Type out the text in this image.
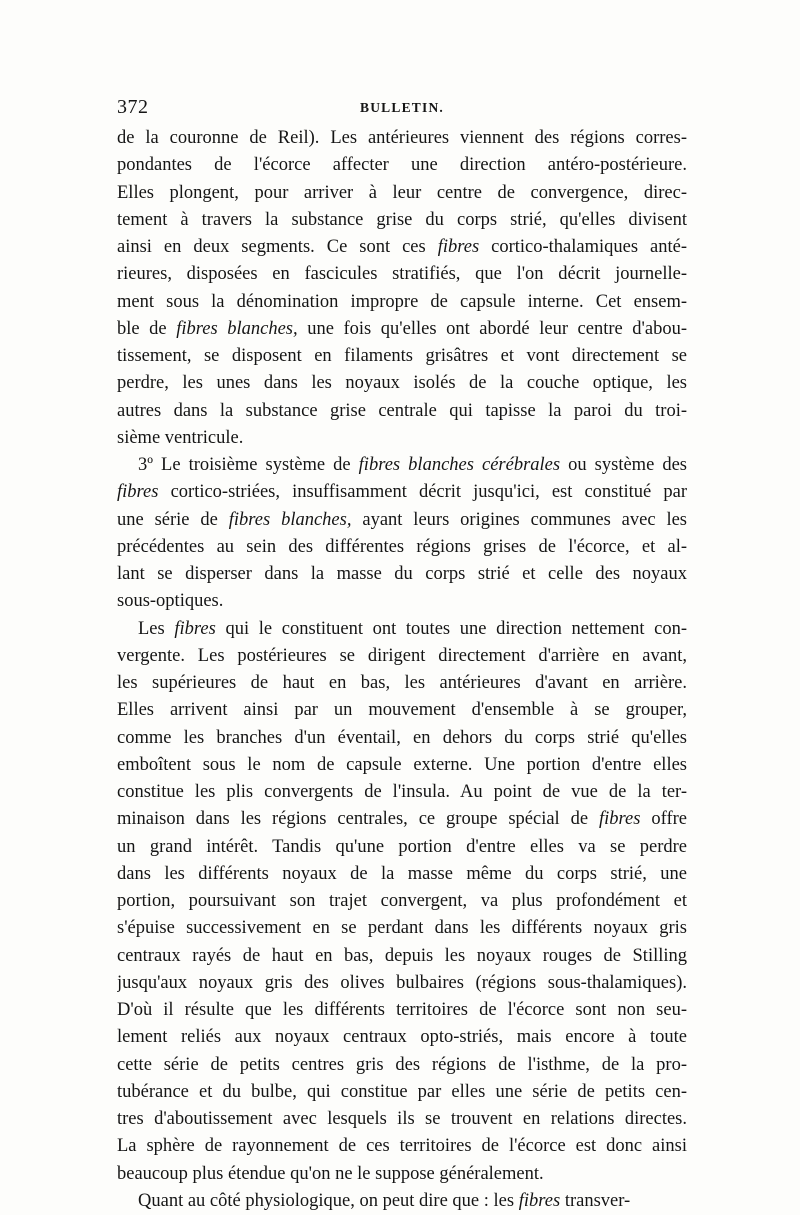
372	BULLETIN.
de la couronne de Reil). Les antérieures viennent des régions corres-
pondantes de l'écorce affecter une direction antéro-postérieure.
Elles plongent, pour arriver à leur centre de convergence, direc-
tement à travers la substance grise du corps strié, qu'elles divisent
ainsi en deux segments. Ce sont ces fibres cortico-thalamiques anté-
rieures, disposées en fascicules stratifiés, que l'on décrit journelle-
ment sous la dénomination impropre de capsule interne. Cet ensem-
ble de fibres blanches, une fois qu'elles ont abordé leur centre d'abou-
tissement, se disposent en filaments grisâtres et vont directement se
perdre, les unes dans les noyaux isolés de la couche optique, les
autres dans la substance grise centrale qui tapisse la paroi du troi-
sième ventricule.
3º Le troisième système de fibres blanches cérébrales ou système des
fibres cortico-striées, insuffisamment décrit jusqu'ici, est constitué par
une série de fibres blanches, ayant leurs origines communes avec les
précédentes au sein des différentes régions grises de l'écorce, et al-
lant se disperser dans la masse du corps strié et celle des noyaux
sous-optiques.
Les fibres qui le constituent ont toutes une direction nettement con-
vergente. Les postérieures se dirigent directement d'arrière en avant,
les supérieures de haut en bas, les antérieures d'avant en arrière.
Elles arrivent ainsi par un mouvement d'ensemble à se grouper,
comme les branches d'un éventail, en dehors du corps strié qu'elles
emboîtent sous le nom de capsule externe. Une portion d'entre elles
constitue les plis convergents de l'insula. Au point de vue de la ter-
minaison dans les régions centrales, ce groupe spécial de fibres offre
un grand intérêt. Tandis qu'une portion d'entre elles va se perdre
dans les différents noyaux de la masse même du corps strié, une
portion, poursuivant son trajet convergent, va plus profondément et
s'épuise successivement en se perdant dans les différents noyaux gris
centraux rayés de haut en bas, depuis les noyaux rouges de Stilling
jusqu'aux noyaux gris des olives bulbaires (régions sous-thalamiques).
D'où il résulte que les différents territoires de l'écorce sont non seu-
lement reliés aux noyaux centraux opto-striés, mais encore à toute
cette série de petits centres gris des régions de l'isthme, de la pro-
tubérance et du bulbe, qui constitue par elles une série de petits cen-
tres d'aboutissement avec lesquels ils se trouvent en relations directes.
La sphère de rayonnement de ces territoires de l'écorce est donc ainsi
beaucoup plus étendue qu'on ne le suppose généralement.
Quant au côté physiologique, on peut dire que : les fibres transver-
